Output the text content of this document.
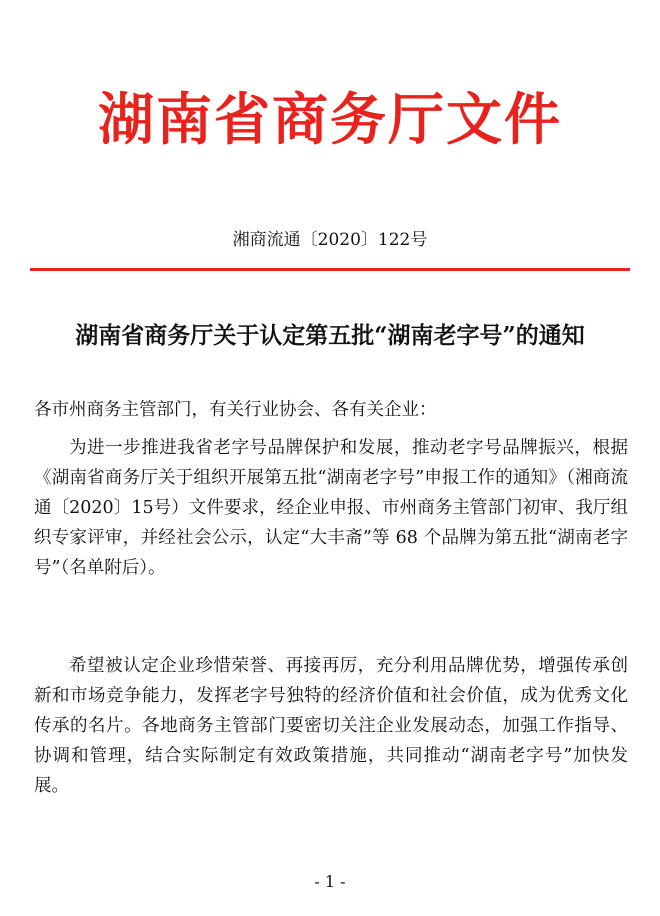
湖南省商务厅文件
湘商流通〔2020〕122号
湖南省商务厅关于认定第五批“湖南老字号”的通知
各市州商务主管部门，有关行业协会、各有关企业：

为进一步推进我省老字号品牌保护和发展，推动老字号品牌振兴，根据《湖南省商务厅关于组织开展第五批“湖南老字号”申报工作的通知》（湘商流通〔2020〕15号）文件要求，经企业申报、市州商务主管部门初审、我厅组织专家评审，并经社会公示，认定“大丰斋”等 68 个品牌为第五批“湖南老字号”（名单附后）。

希望被认定企业珍惜荣誉、再接再厉，充分利用品牌优势，增强传承创新和市场竞争能力，发挥老字号独特的经济价值和社会价值，成为优秀文化传承的名片。各地商务主管部门要密切关注企业发展动态，加强工作指导、协调和管理，结合实际制定有效政策措施，共同推动“湖南老字号”加快发展。

- 1 -
